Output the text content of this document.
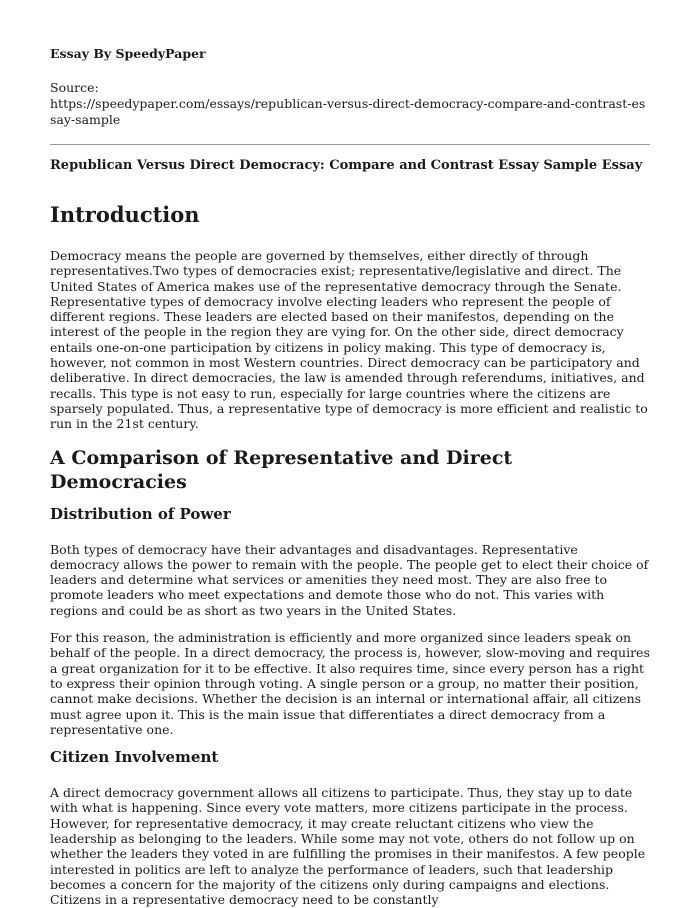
Essay By SpeedyPaper
Source:
https://speedypaper.com/essays/republican-versus-direct-democracy-compare-and-contrast-essay-sample
Republican Versus Direct Democracy: Compare and Contrast Essay Sample Essay
Introduction

Democracy means the people are governed by themselves, either directly of through representatives.Two types of democracies exist; representative/legislative and direct. The United States of America makes use of the representative democracy through the Senate. Representative types of democracy involve electing leaders who represent the people of different regions. These leaders are elected based on their manifestos, depending on the interest of the people in the region they are vying for. On the other side, direct democracy entails one-on-one participation by citizens in policy making. This type of democracy is, however, not common in most Western countries. Direct democracy can be participatory and deliberative. In direct democracies, the law is amended through referendums, initiatives, and recalls. This type is not easy to run, especially for large countries where the citizens are sparsely populated. Thus, a representative type of democracy is more efficient and realistic to run in the 21st century.

A Comparison of Representative and Direct Democracies
Distribution of Power

Both types of democracy have their advantages and disadvantages. Representative democracy allows the power to remain with the people. The people get to elect their choice of leaders and determine what services or amenities they need most. They are also free to promote leaders who meet expectations and demote those who do not. This varies with regions and could be as short as two years in the United States.

For this reason, the administration is efficiently and more organized since leaders speak on behalf of the people. In a direct democracy, the process is, however, slow-moving and requires a great organization for it to be effective. It also requires time, since every person has a right to express their opinion through voting. A single person or a group, no matter their position, cannot make decisions. Whether the decision is an internal or international affair, all citizens must agree upon it. This is the main issue that differentiates a direct democracy from a representative one.

Citizen Involvement

A direct democracy government allows all citizens to participate. Thus, they stay up to date with what is happening. Since every vote matters, more citizens participate in the process. However, for representative democracy, it may create reluctant citizens who view the leadership as belonging to the leaders. While some may not vote, others do not follow up on whether the leaders they voted in are fulfilling the promises in their manifestos. A few people interested in politics are left to analyze the performance of leaders, such that leadership becomes a concern for the majority of the citizens only during campaigns and elections. Citizens in a representative democracy need to be constantly
